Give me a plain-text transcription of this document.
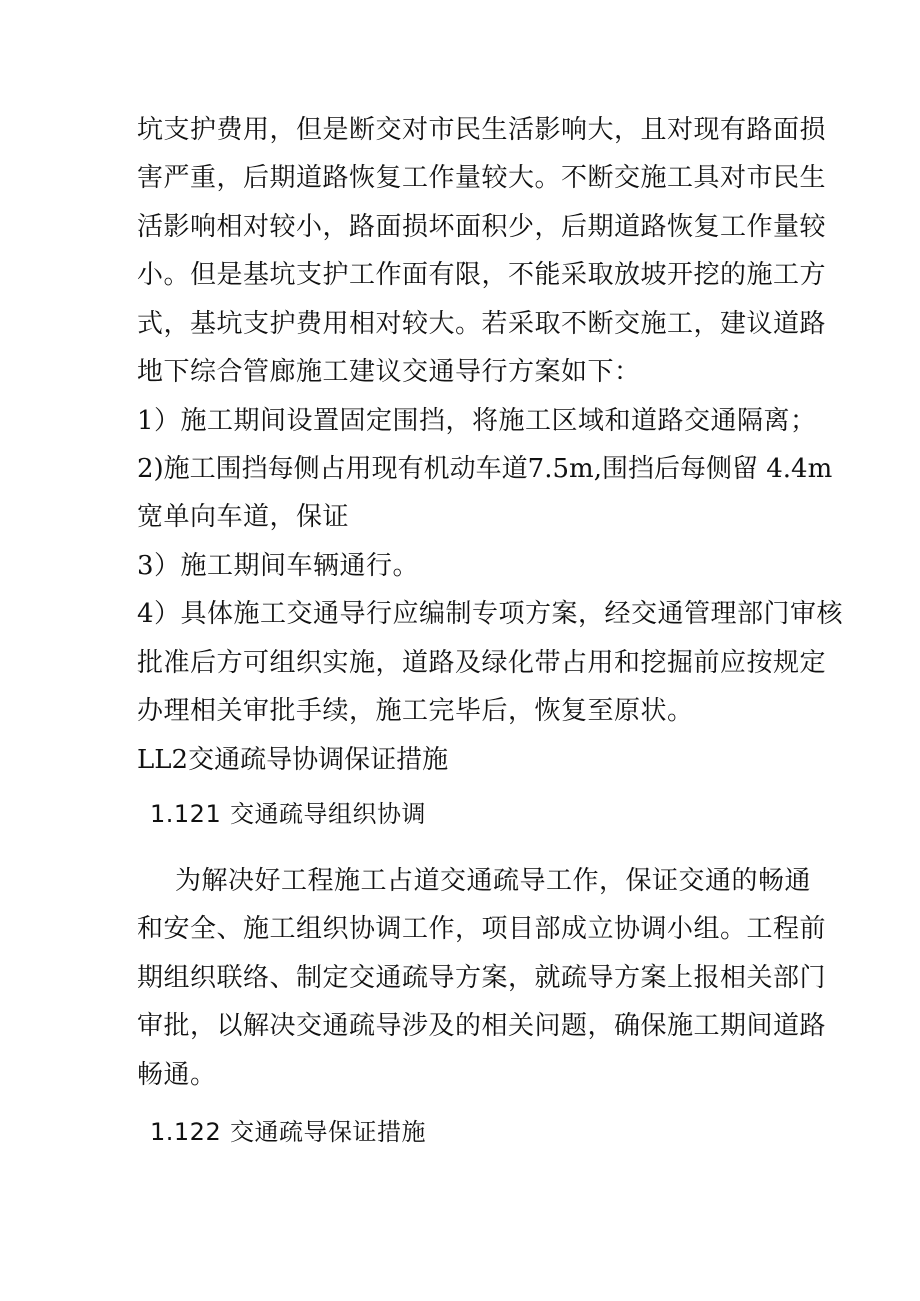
坑支护费用，但是断交对市民生活影响大，且对现有路面损
害严重，后期道路恢复工作量较大。不断交施工具对市民生
活影响相对较小，路面损坏面积少，后期道路恢复工作量较
小。但是基坑支护工作面有限，不能采取放坡开挖的施工方
式，基坑支护费用相对较大。若采取不断交施工，建议道路
地下综合管廊施工建议交通导行方案如下：
1）施工期间设置固定围挡，将施工区域和道路交通隔离；
2)施工围挡每侧占用现有机动车道7.5m,围挡后每侧留 4.4m
宽单向车道，保证
3）施工期间车辆通行。
4）具体施工交通导行应编制专项方案，经交通管理部门审核
批准后方可组织实施，道路及绿化带占用和挖掘前应按规定
办理相关审批手续，施工完毕后，恢复至原状。
LL2交通疏导协调保证措施
1.121 交通疏导组织协调
为解决好工程施工占道交通疏导工作，保证交通的畅通
和安全、施工组织协调工作，项目部成立协调小组。工程前
期组织联络、制定交通疏导方案，就疏导方案上报相关部门
审批，以解决交通疏导涉及的相关问题，确保施工期间道路
畅通。
1.122 交通疏导保证措施
